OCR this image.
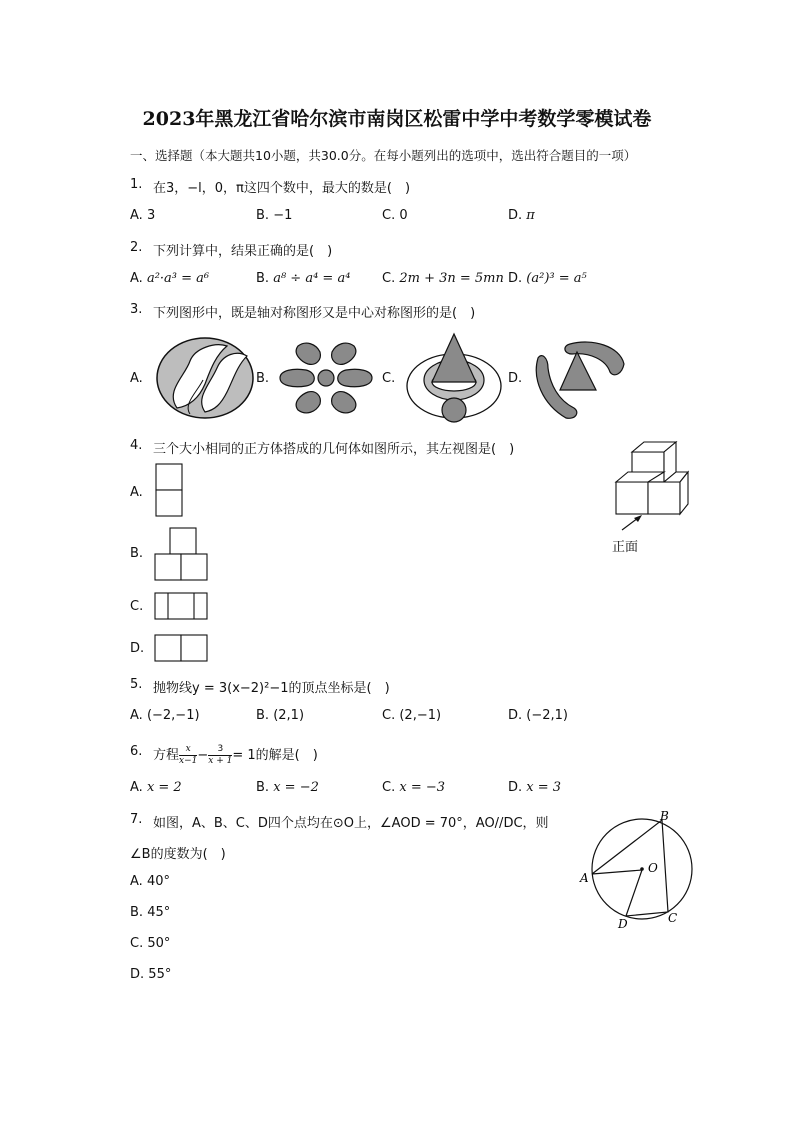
2023年黑龙江省哈尔滨市南岗区松雷中学中考数学零模试卷
一、选择题（本大题共10小题，共30.0分。在每小题列出的选项中，选出符合题目的一项）
1. 在3，−l，0，π这四个数中，最大的数是(　)
A. 3	B. −1	C. 0	D. π
2. 下列计算中，结果正确的是(　)
A. a²·a³ = a⁶	B. a⁸ ÷ a⁴ = a⁴ C. 2m + 3n = 5mn D. (a²)³ = a⁵
3. 下列图形中，既是轴对称图形又是中心对称图形的是(　)
A.	B.	C.	D.
4. 三个大小相同的正方体搭成的几何体如图所示，其左视图是(　)
正面
A.
B.
C.
D.
5. 抛物线y = 3(x−2)²−1的顶点坐标是(　)
A. (−2,−1)	B. (2,1)	C. (2,−1)	D. (−2,1)
6. 方程 $\frac{x}{x-1} - \frac{3}{x + 1} = 1$的解是(　)
A. x = 2	B. x = −2	C. x = −3	D. x = 3
7. 如图，A、B、C、D四个点均在⊙O上，∠AOD = 70°，AO//DC，则
∠B的度数为(　)
A. 40°
B. 45°
C. 50°
D. 55°
A
B
C
D
O
